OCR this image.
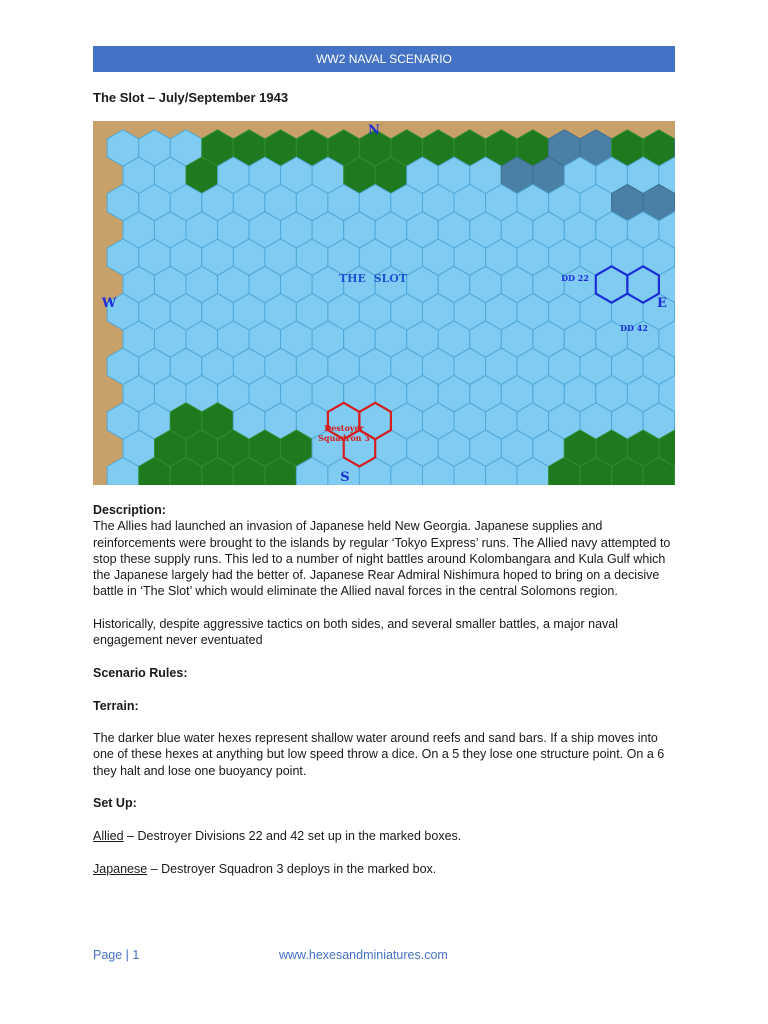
WW2 NAVAL SCENARIO
The Slot – July/September 1943
N
S
W	E
THE  SLOT	DD 22
DD 42
Destoyer
Squadron 3

Description:

The Allies had launched an invasion of Japanese held New Georgia. Japanese supplies and reinforcements were brought to the islands by regular ‘Tokyo Express’ runs. The Allied navy attempted to stop these supply runs. This led to a number of night battles around Kolombangara and Kula Gulf which the Japanese largely had the better of. Japanese Rear Admiral Nishimura hoped to bring on a decisive battle in ‘The Slot’ which would eliminate the Allied naval forces in the central Solomons region.

Historically, despite aggressive tactics on both sides, and several smaller battles, a major naval engagement never eventuated

Scenario Rules:

Terrain:

The darker blue water hexes represent shallow water around reefs and sand bars. If a ship moves into one of these hexes at anything but low speed throw a dice. On a 5 they lose one structure point. On a 6 they halt and lose one buoyancy point.

Set Up:

Allied – Destroyer Divisions 22 and 42 set up in the marked boxes.

Japanese – Destroyer Squadron 3 deploys in the marked box.

Page | 1	www.hexesandminiatures.com
